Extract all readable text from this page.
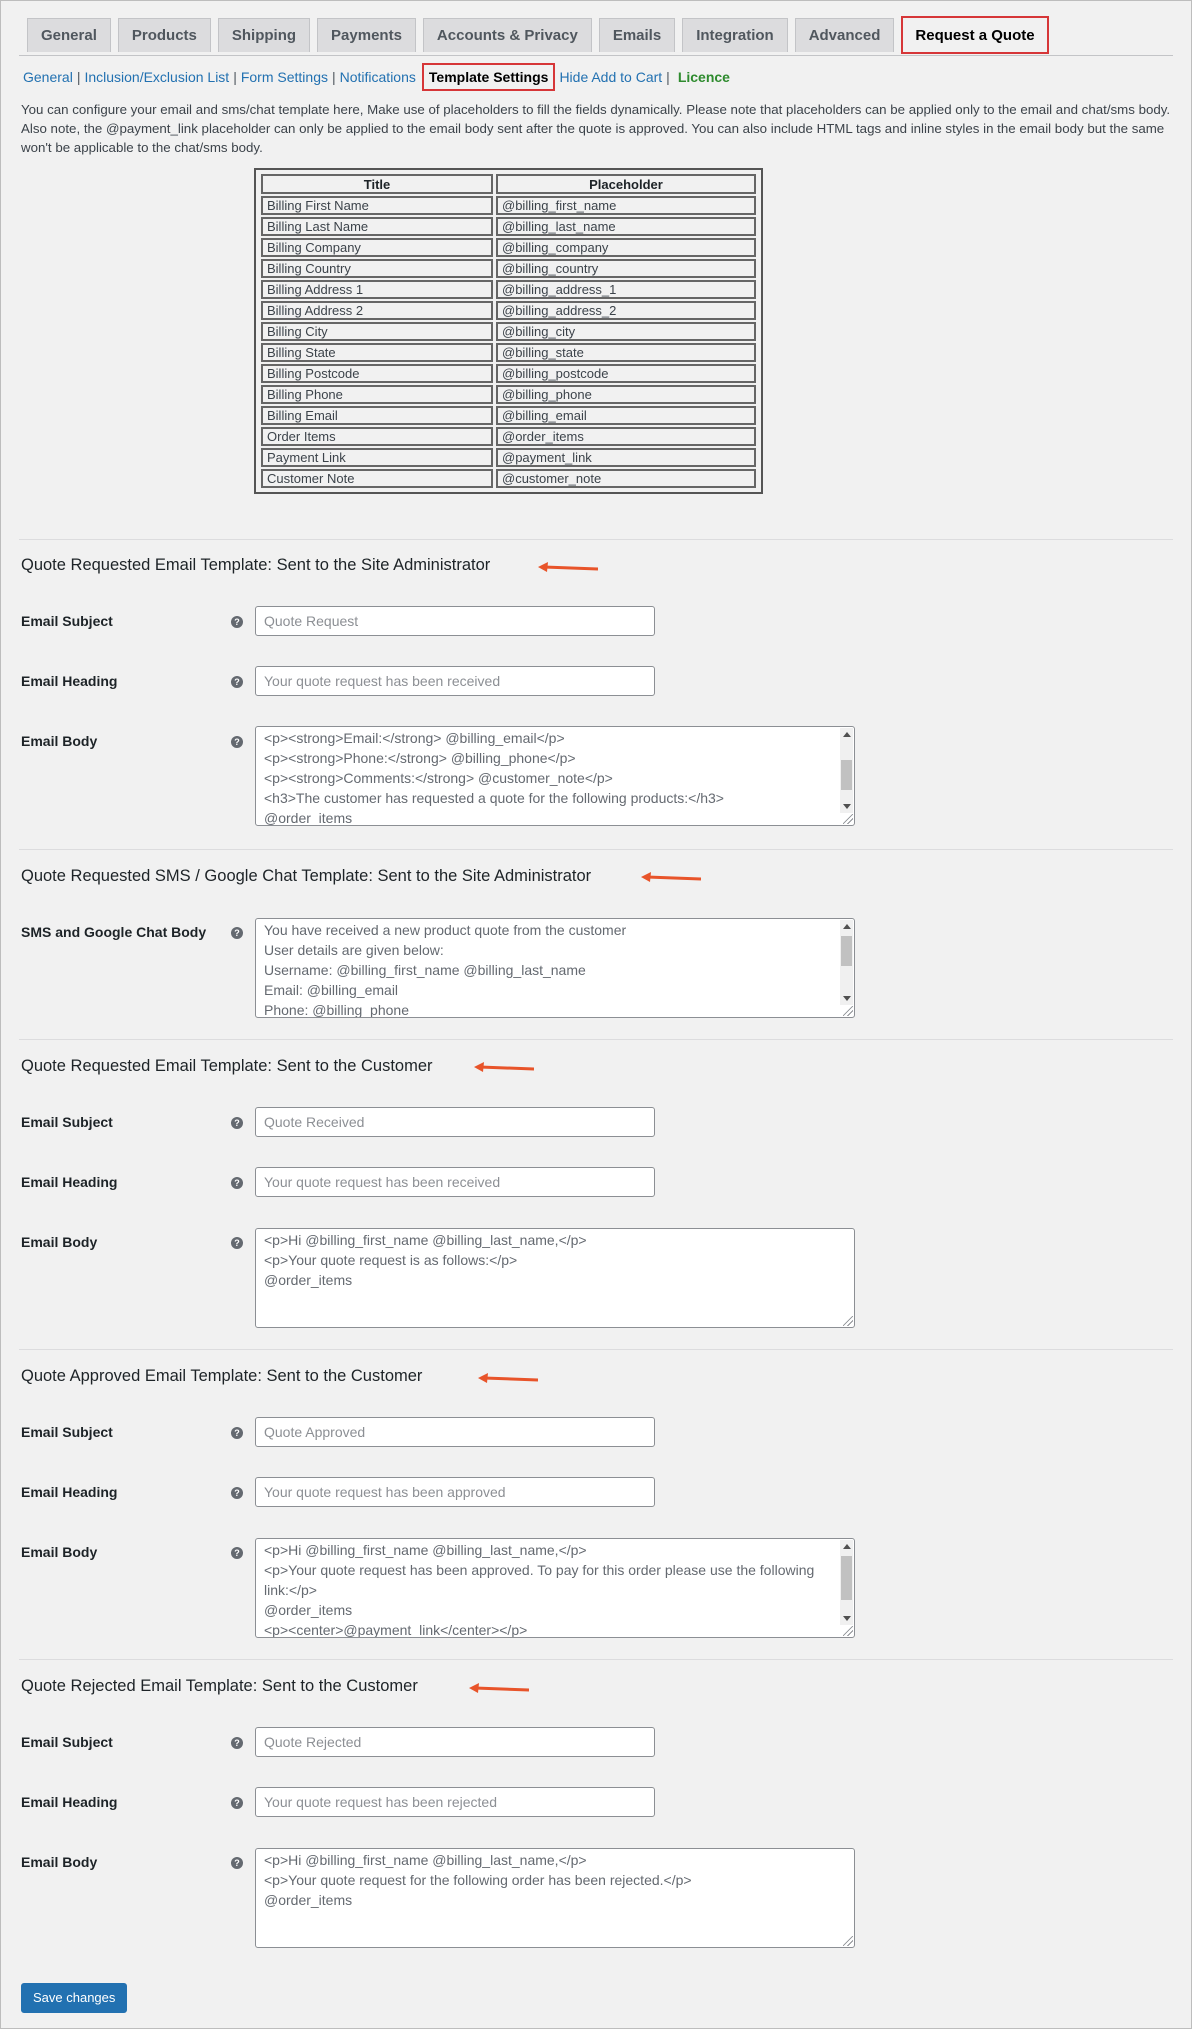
General	Products	Shipping	Payments	Accounts & Privacy	Emails	Integration	Advanced	Request a Quote
General | Inclusion/Exclusion List | Form Settings | Notifications Template Settings Hide Add to Cart | Licence
You can configure your email and sms/chat template here, Make use of placeholders to fill the fields dynamically. Please note that placeholders can be applied only to the email and chat/sms body. Also note, the @payment_link placeholder can only be applied to the email body sent after the quote is approved. You can also include HTML tags and inline styles in the email body but the same won't be applicable to the chat/sms body.
Title	Placeholder
Billing First Name	@billing_first_name
Billing Last Name	@billing_last_name
Billing Company	@billing_company
Billing Country	@billing_country
Billing Address 1	@billing_address_1
Billing Address 2	@billing_address_2
Billing City	@billing_city
Billing State	@billing_state
Billing Postcode	@billing_postcode
Billing Phone	@billing_phone
Billing Email	@billing_email
Order Items	@order_items
Payment Link	@payment_link
Customer Note	@customer_note
Quote Requested Email Template: Sent to the Site Administrator
Email Subject	?	Quote Request
Email Heading	?	Your quote request has been received
Email Body	? <p><strong>Email:</strong> @billing_email</p>
<p><strong>Phone:</strong> @billing_phone</p>
<p><strong>Comments:</strong> @customer_note</p>
<h3>The customer has requested a quote for the following products:</h3>
@order_items
Quote Requested SMS / Google Chat Template: Sent to the Site Administrator
SMS and Google Chat Body	? You have received a new product quote from the customer
User details are given below:
Username: @billing_first_name @billing_last_name
Email: @billing_email
Phone: @billing_phone
Quote Requested Email Template: Sent to the Customer
Email Subject	?	Quote Received
Email Heading	?	Your quote request has been received
Email Body	? <p>Hi @billing_first_name @billing_last_name,</p>
<p>Your quote request is as follows:</p>
@order_items
Quote Approved Email Template: Sent to the Customer
Email Subject	?	Quote Approved
Email Heading	?	Your quote request has been approved
Email Body	? <p>Hi @billing_first_name @billing_last_name,</p>
<p>Your quote request has been approved. To pay for this order please use the following
link:</p>
@order_items
<p><center>@payment_link</center></p>
Quote Rejected Email Template: Sent to the Customer
Email Subject	?	Quote Rejected
Email Heading	?	Your quote request has been rejected
Email Body	? <p>Hi @billing_first_name @billing_last_name,</p>
<p>Your quote request for the following order has been rejected.</p>
@order_items
Save changes
